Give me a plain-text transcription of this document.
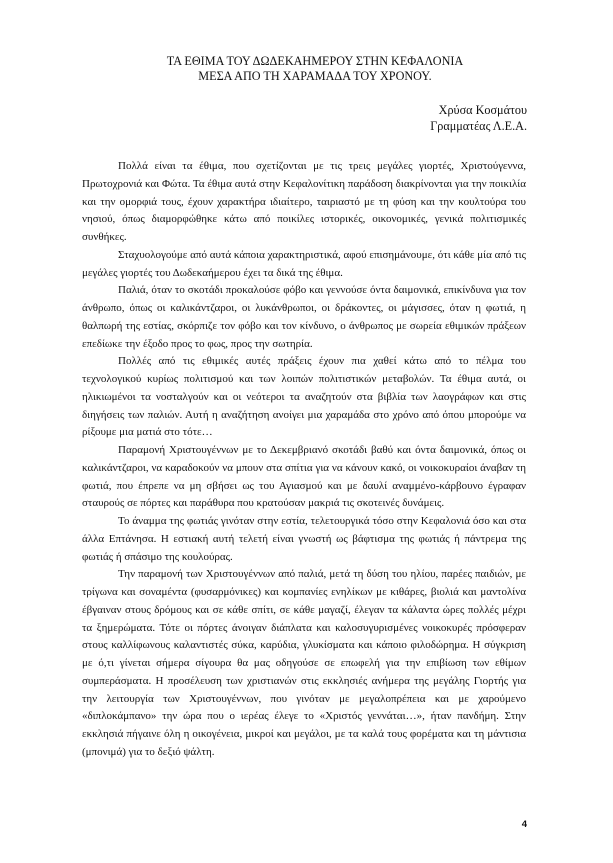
ΤΑ ΕΘΙΜΑ ΤΟΥ ΔΩΔΕΚΑΗΜΕΡΟΥ ΣΤΗΝ ΚΕΦΑΛΟΝΙΑ
ΜΕΣΑ ΑΠΟ ΤΗ ΧΑΡΑΜΑΔΑ ΤΟΥ ΧΡΟΝΟΥ.
Χρύσα Κοσμάτου
Γραμματέας Λ.Ε.Α.

Πολλά είναι τα έθιμα, που σχετίζονται με τις τρεις μεγάλες γιορτές, Χριστούγεννα, Πρωτοχρονιά και Φώτα. Τα έθιμα αυτά στην Κεφαλονίτικη παράδοση διακρίνονται για την ποικιλία και την ομορφιά τους, έχουν χαρακτήρα ιδιαίτερο, ταιριαστό με τη φύση και την κουλτούρα του νησιού, όπως διαμορφώθηκε κάτω από ποικίλες ιστορικές, οικονομικές, γενικά πολιτισμικές συνθήκες.

Σταχυολογούμε από αυτά κάποια χαρακτηριστικά, αφού επισημάνουμε, ότι κάθε μία από τις μεγάλες γιορτές του Δωδεκαήμερου έχει τα δικά της έθιμα.

Παλιά, όταν το σκοτάδι προκαλούσε φόβο και γεννούσε όντα δαιμονικά, επικίνδυνα για τον άνθρωπο, όπως οι καλικάντζαροι, οι λυκάνθρωποι, οι δράκοντες, οι μάγισσες, όταν η φωτιά, η θαλπωρή της εστίας, σκόρπιζε τον φόβο και τον κίνδυνο, ο άνθρωπος με σωρεία εθιμικών πράξεων επεδίωκε την έξοδο προς το φως, προς την σωτηρία.

Πολλές από τις εθιμικές αυτές πράξεις έχουν πια χαθεί κάτω από το πέλμα του τεχνολογικού κυρίως πολιτισμού και των λοιπών πολιτιστικών μεταβολών. Τα έθιμα αυτά, οι ηλικιωμένοι τα νοσταλγούν και οι νεότεροι τα αναζητούν στα βιβλία των λαογράφων και στις διηγήσεις των παλιών. Αυτή η αναζήτηση ανοίγει μια χαραμάδα στο χρόνο από όπου μπορούμε να ρίξουμε μια ματιά στο τότε…

Παραμονή Χριστουγέννων με το Δεκεμβριανό σκοτάδι βαθύ και όντα δαιμονικά, όπως οι καλικάντζαροι, να καραδοκούν να μπουν στα σπίτια για να κάνουν κακό, οι νοικοκυραίοι άναβαν τη φωτιά, που έπρεπε να μη σβήσει ως του Αγιασμού και με δαυλί αναμμένο-κάρβουνο έγραφαν σταυρούς σε πόρτες και παράθυρα που κρατούσαν μακριά τις σκοτεινές δυνάμεις.

Το άναμμα της φωτιάς γινόταν στην εστία, τελετουργικά τόσο στην Κεφαλονιά όσο και στα άλλα Επτάνησα. Η εστιακή αυτή τελετή είναι γνωστή ως βάφτισμα της φωτιάς ή πάντρεμα της φωτιάς ή σπάσιμο της κουλούρας.

Την παραμονή των Χριστουγέννων από παλιά, μετά τη δύση του ηλίου, παρέες παιδιών, με τρίγωνα και σοναμέντα (φυσαρμόνικες) και κομπανίες ενηλίκων με κιθάρες, βιολιά και μαντολίνα έβγαιναν στους δρόμους και σε κάθε σπίτι, σε κάθε μαγαζί, έλεγαν τα κάλαντα ώρες πολλές μέχρι τα ξημερώματα. Τότε οι πόρτες άνοιγαν διάπλατα και καλοσυγυρισμένες νοικοκυρές πρόσφεραν στους καλλίφωνους καλαντιστές σύκα, καρύδια, γλυκίσματα και κάποιο φιλοδώρημα. Η σύγκριση με ό,τι γίνεται σήμερα σίγουρα θα μας οδηγούσε σε επωφελή για την επιβίωση των εθίμων συμπεράσματα. Η προσέλευση των χριστιανών στις εκκλησιές ανήμερα της μεγάλης Γιορτής για την λειτουργία των Χριστουγέννων, που γινόταν με μεγαλοπρέπεια και με χαρούμενο «διπλοκάμπανο» την ώρα που ο ιερέας έλεγε το «Χριστός γεννάται…», ήταν πανδήμη. Στην εκκλησιά πήγαινε όλη η οικογένεια, μικροί και μεγάλοι, με τα καλά τους φορέματα και τη μάντισια (μπονιμά) για το δεξιό ψάλτη.

4
